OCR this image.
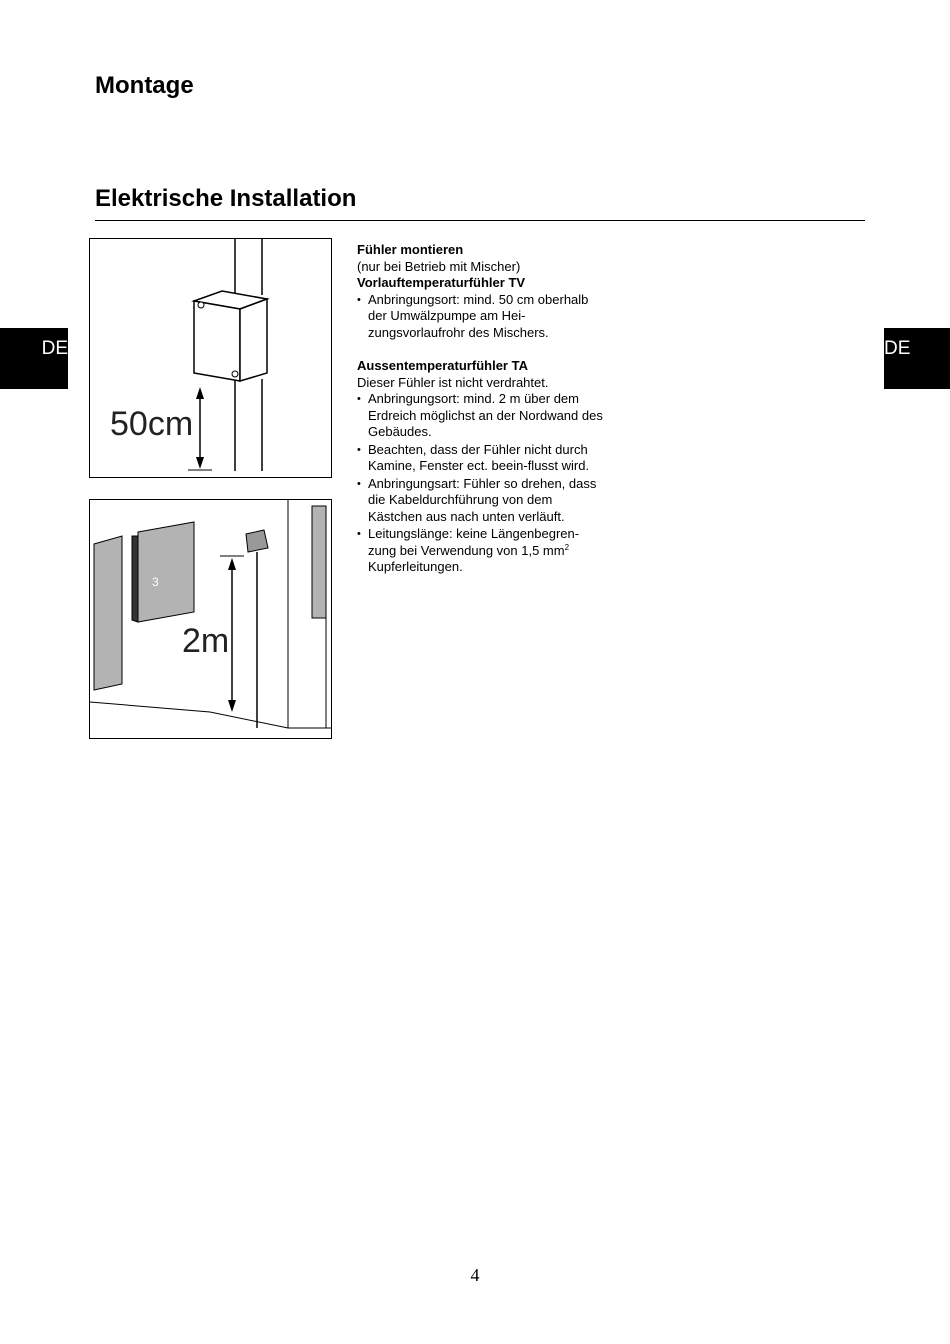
Montage
Elektrische Installation
DE	DE
50cm
3
2m

Fühler montieren

(nur bei Betrieb mit Mischer)

Vorlauftemperaturfühler TV

• Anbringungsort: mind. 50 cm oberhalb der Umwälzpumpe am Hei-zungsvorlaufrohr des Mischers.

Aussentemperaturfühler TA

Dieser Fühler ist nicht verdrahtet.

• Anbringungsort: mind. 2 m über dem Erdreich möglichst an der Nordwand des Gebäudes.
• Beachten, dass der Fühler nicht durch Kamine, Fenster ect. beein-flusst wird.
• Anbringungsart: Fühler so drehen, dass die Kabeldurchführung von dem Kästchen aus nach unten verläuft.
• Leitungslänge: keine Längenbegren-zung bei Verwendung von 1,5 $mm^2$
Kupferleitungen.
4
